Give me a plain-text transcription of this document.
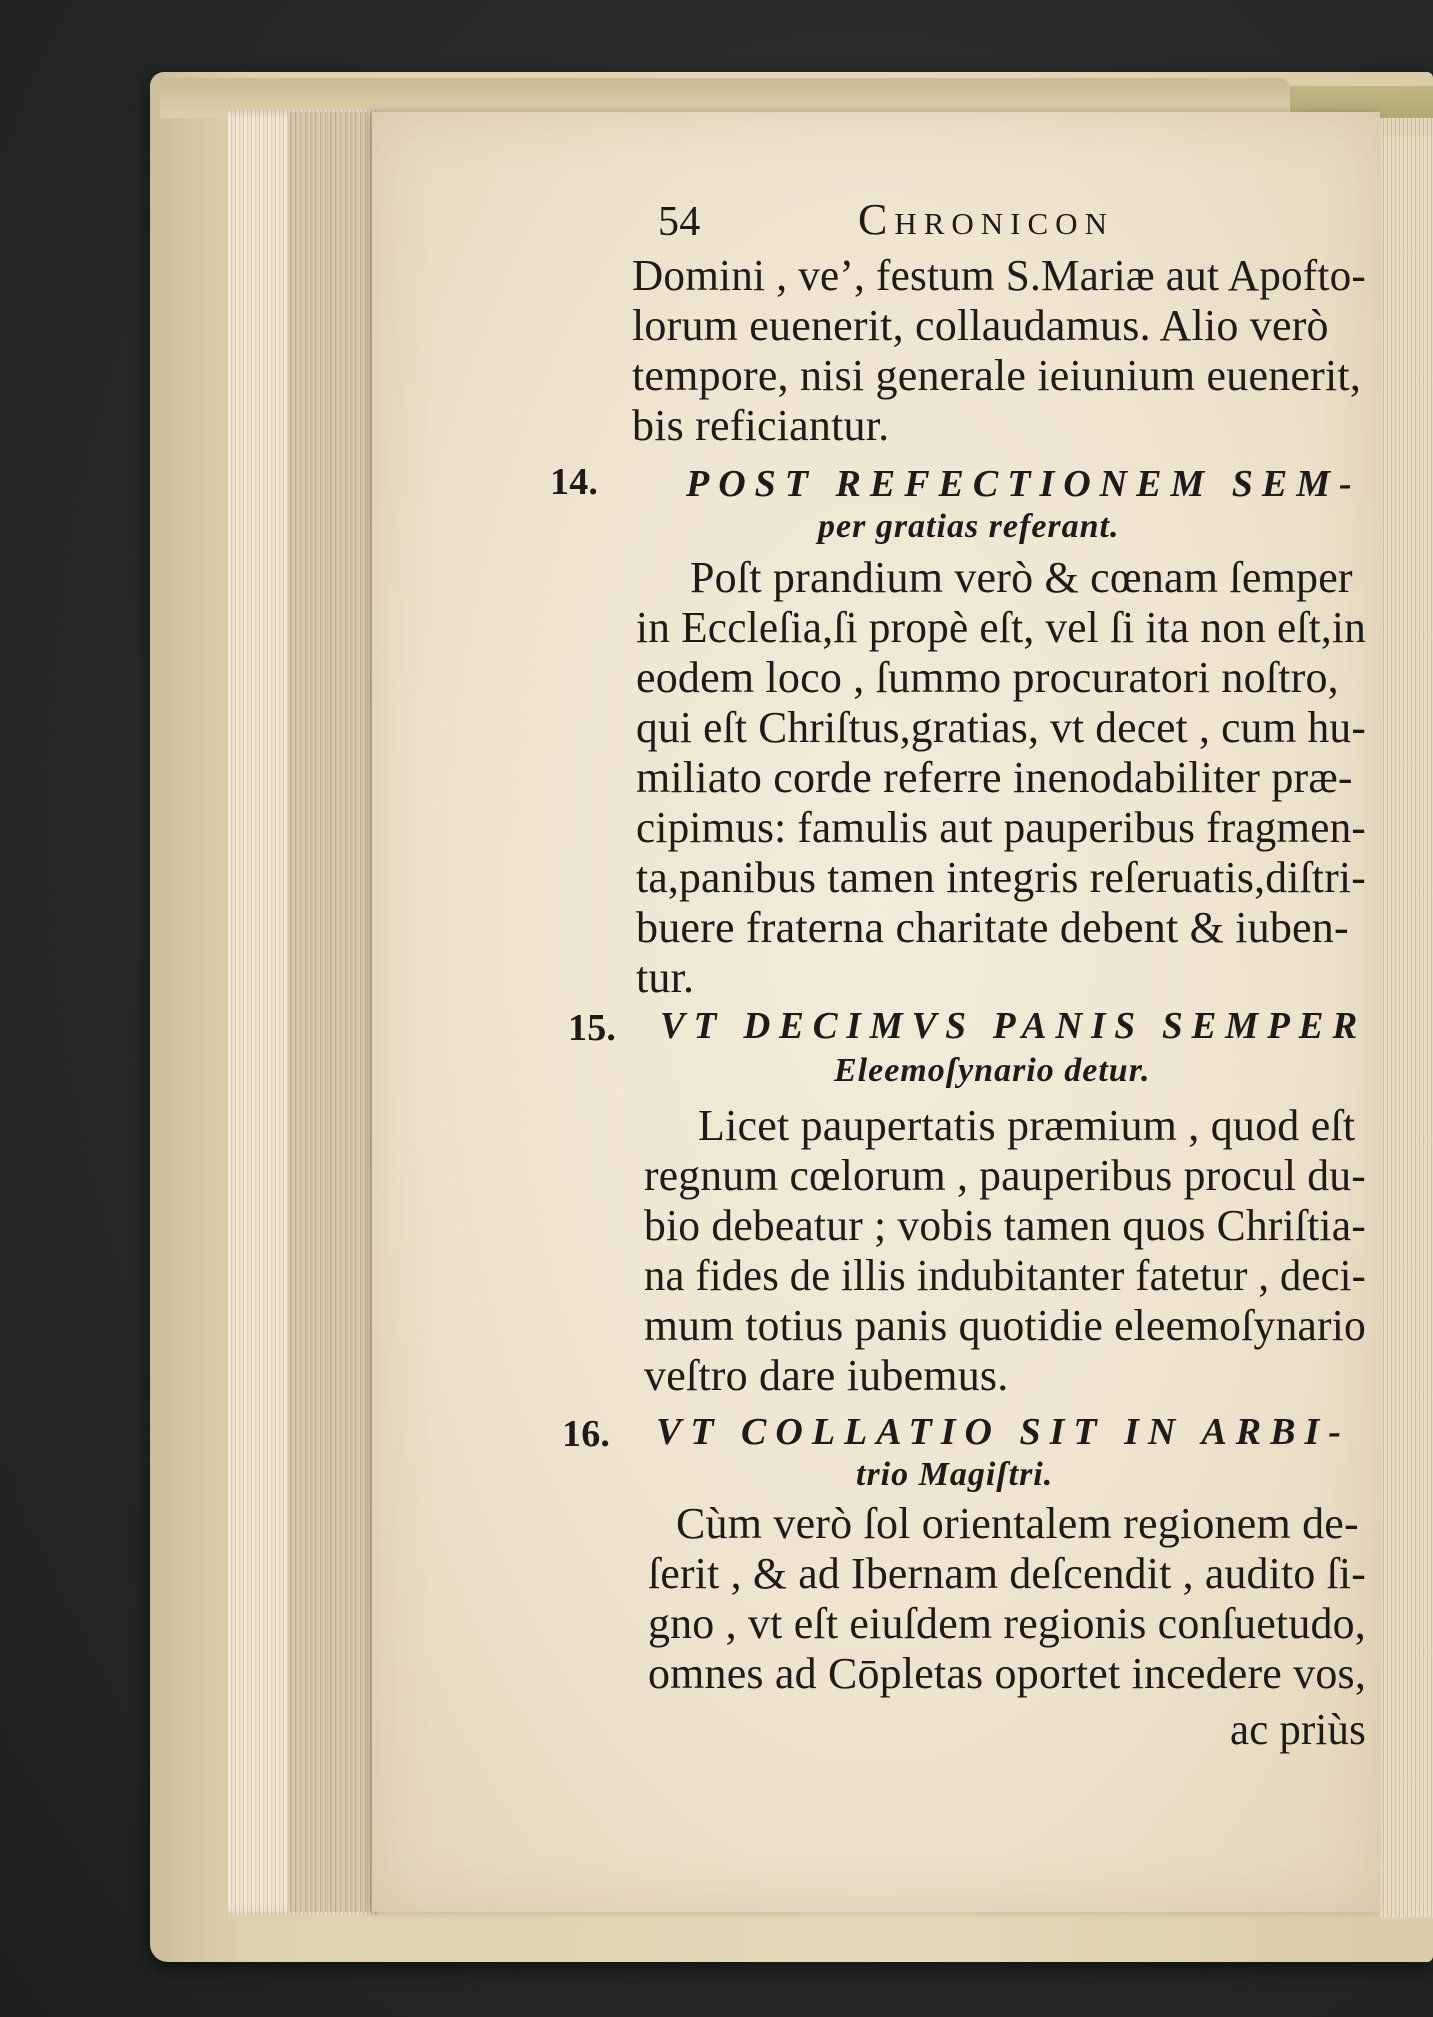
54	Chronicon
Domini , veʼ, festum S.Mariæ aut Apofto-
lorum euenerit, collaudamus. Alio verò
tempore, nisi generale ieiunium euenerit,
bis reficiantur.
14. POST REFECTIONEM SEM-
per gratias referant.
Poſt prandium verò & cœnam ſemper
in Eccleſia,ſi propè eſt, vel ſi ita non eſt,in
eodem loco , ſummo procuratori noſtro,
qui eſt Chriſtus,gratias, vt decet , cum hu-
miliato corde referre inenodabiliter præ-
cipimus: famulis aut pauperibus fragmen-
ta,panibus tamen integris reſeruatis,diſtri-
buere fraterna charitate debent & iuben-
tur.
15. VT DECIMVS PANIS SEMPER
Eleemoſynario detur.
Licet paupertatis præmium , quod eſt
regnum cœlorum , pauperibus procul du-
bio debeatur ; vobis tamen quos Chriſtia-
na fides de illis indubitanter fatetur , deci-
mum totius panis quotidie eleemoſynario
veſtro dare iubemus.
16. VT COLLATIO SIT IN ARBI-
trio Magiſtri.
Cùm verò ſol orientalem regionem de-
ſerit , & ad Ibernam deſcendit , audito ſi-
gno , vt eſt eiuſdem regionis conſuetudo,
omnes ad Cōpletas oportet incedere vos,
ac priùs
